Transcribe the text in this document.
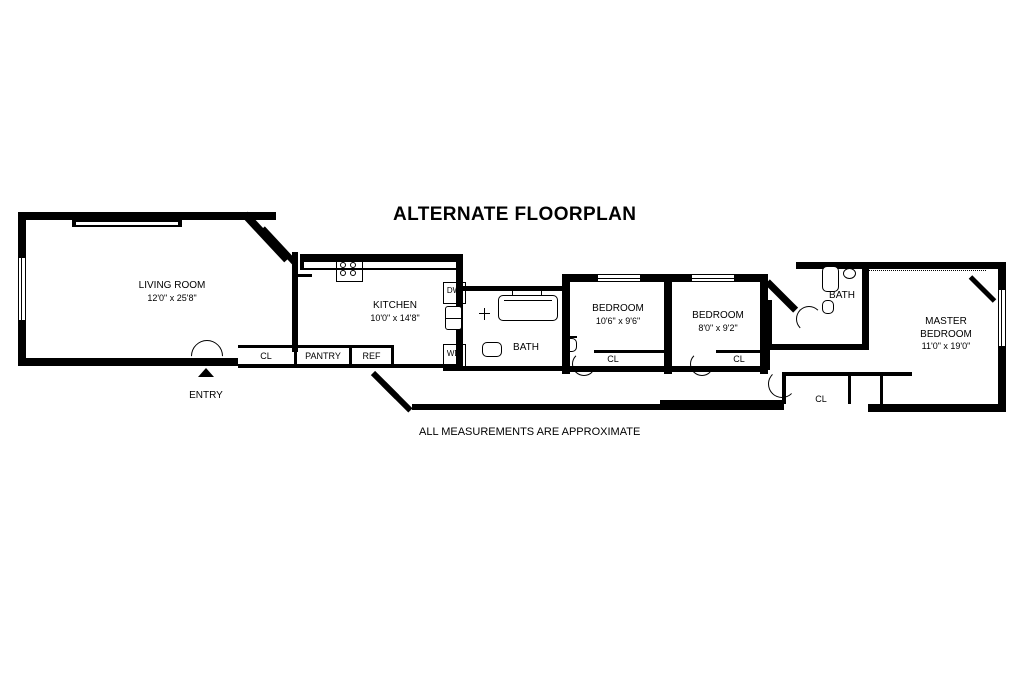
ALTERNATE FLOORPLAN
ALL MEASUREMENTS ARE APPROXIMATE
LIVING ROOM
12'0" x 25'8"
ENTRY
CL	PANTRY	REF
DW
WD
KITCHEN
10'0" x 14'8"
BATH
CL
BEDROOM
10'6" x 9'6"
CL
BEDROOM
8'0" x 9'2"
BATH
MASTER
BEDROOM
11'0" x 19'0"
CL
